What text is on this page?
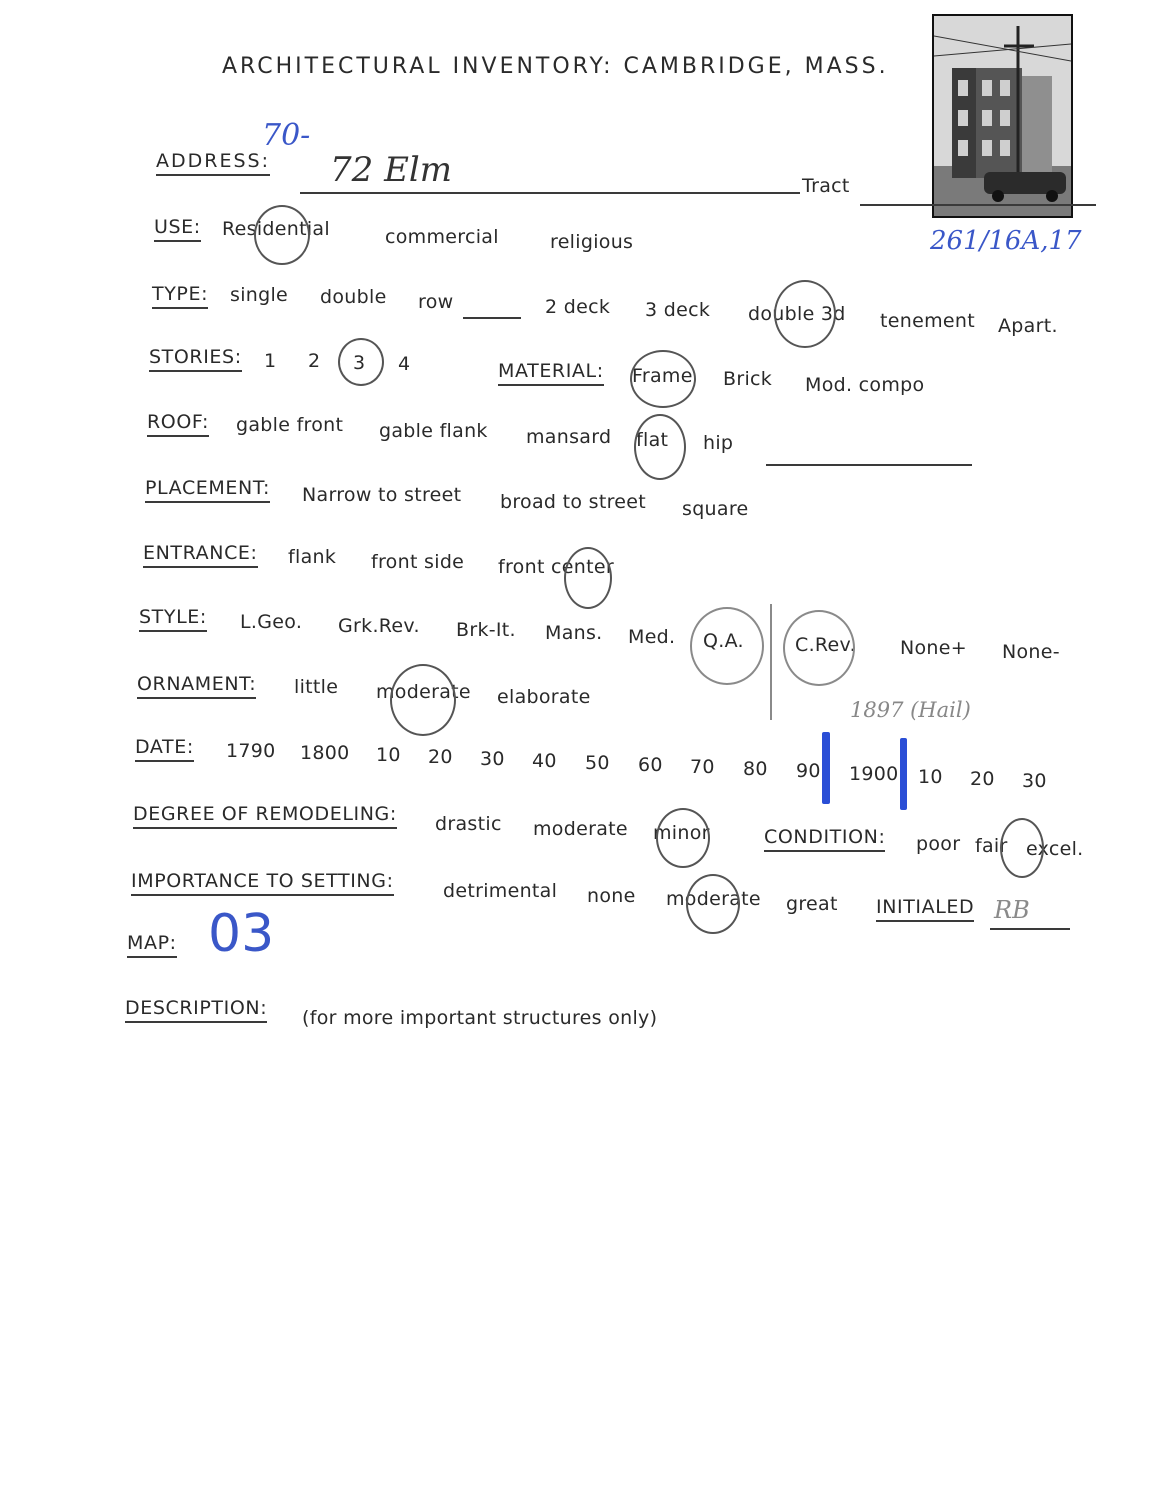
ARCHITECTURAL INVENTORY: CAMBRIDGE, MASS.
ADDRESS:
70-
72 Elm	Tract
261/16A,17
USE: Residential	commercial	religious
TYPE: single double row	2 deck 3 deck double 3d tenement Apart.
STORIES: 1 2 3 4	MATERIAL: Frame Brick Mod. compo
ROOF: gable front gable flank mansard flat hip
PLACEMENT: Narrow to street broad to street square
ENTRANCE: flank front side front center
STYLE: L.Geo. Grk.Rev. Brk-It. Mans. Med. Q.A.	C.Rev. None+ None-
ORNAMENT: little moderate elaborate
DATE: 1790 1800 10 20 30 40 50 60 70 80 90 1900 10 20 30
1897 (Hail)
DEGREE OF REMODELING: drastic moderate minor	CONDITION: poor fair excel.
IMPORTANCE TO SETTING:	detrimental none moderate great INITIALED RB
MAP: 03
DESCRIPTION: (for more important structures only)
